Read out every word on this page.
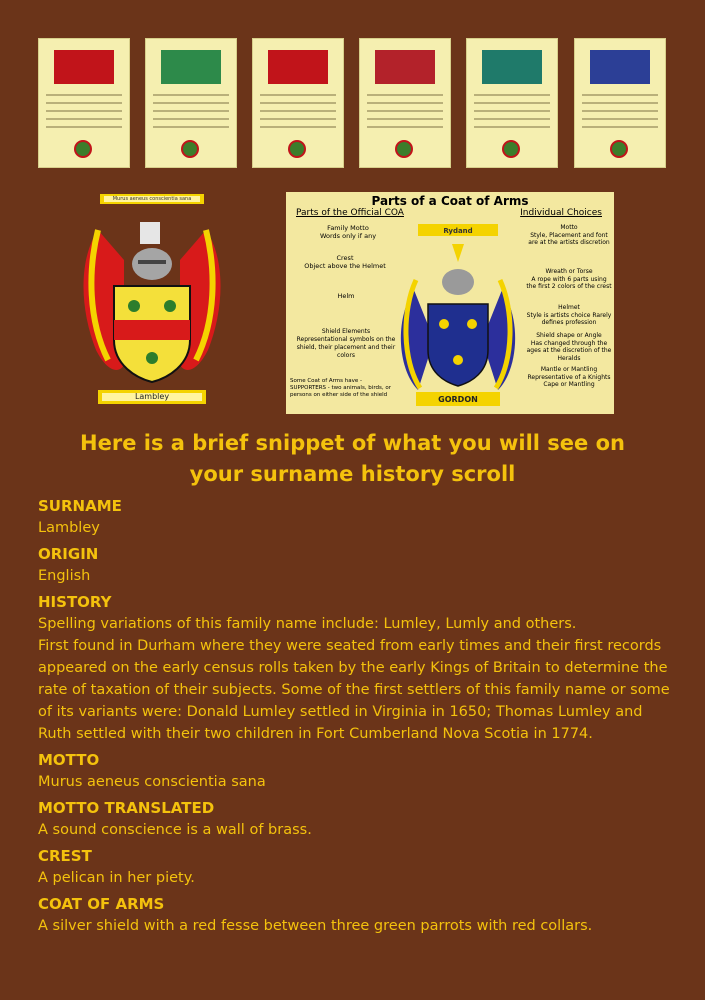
Lambley
Murus aeneus conscientia sana	Parts of a Coat of Arms
Parts of the Official COA	Individual Choices
Family Motto
Words only if any
Crest
Object above the Helmet
Helm
Shield Elements
Representational symbols on the shield, their placement and their colors
Some Coat of Arms have - SUPPORTERS - two animals, birds, or persons on either side of the shield
Motto
Style, Placement and font are at the artists discretion
Wreath or Torse
A rope with 6 parts using the first 2 colors of the crest
Helmet
Style is artists choice Rarely defines profession
Shield shape or Angle
Has changed through the ages at the discretion of the Heralds
Mantle or Mantling
Representative of a Knights Cape or Mantling
Rydand
GORDON
Here is a brief snippet of what you will see on
your surname history scroll
SURNAME
Lambley
ORIGIN
English
HISTORY
Spelling variations of this family name include: Lumley, Lumly and others.
First found in Durham where they were seated from early times and their first records appeared on the early census rolls taken by the early Kings of Britain to determine the rate of taxation of their subjects. Some of the first settlers of this family name or some of its variants were: Donald Lumley settled in Virginia in 1650; Thomas Lumley and Ruth settled with their two children in Fort Cumberland Nova Scotia in 1774.
MOTTO
Murus aeneus conscientia sana
MOTTO TRANSLATED
A sound conscience is a wall of brass.
CREST
A pelican in her piety.
COAT OF ARMS
A silver shield with a red fesse between three green parrots with red collars.
